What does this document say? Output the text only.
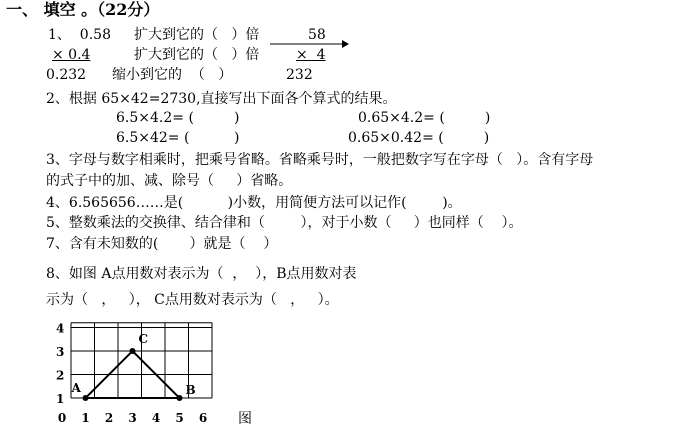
一、 填空 。（22分）
1、  0.58 扩大到它的（   ）倍	58
× 0.4	扩大到它的（   ）倍	×  4
0.232 缩小到它的  （   ）	232
2、根据 65×42=2730,直接写出下面各个算式的结果。
6.5×4.2= (         )	0.65×4.2= (         )
6.5×42= (          )	0.65×0.42= (         )
3、字母与数字相乘时，把乘号省略。省略乘号时，一般把数字写在字母（   ）。含有字母
的式子中的加、减、除号（     ）省略。
4、6.565656……是(          )小数，用简便方法可以记作(        )。
5、整数乘法的交换律、结合律和（        ），对于小数（     ）也同样（    ）。
7、含有未知数的(       ）就是（    ）
8、如图 A点用数对表示为（  ，  ），B点用数对表
示为（   ，   ）， C点用数对表示为（   ，   ）。
1
2
3
4
0 1 2 3 4 5 6
A	B
C
图
